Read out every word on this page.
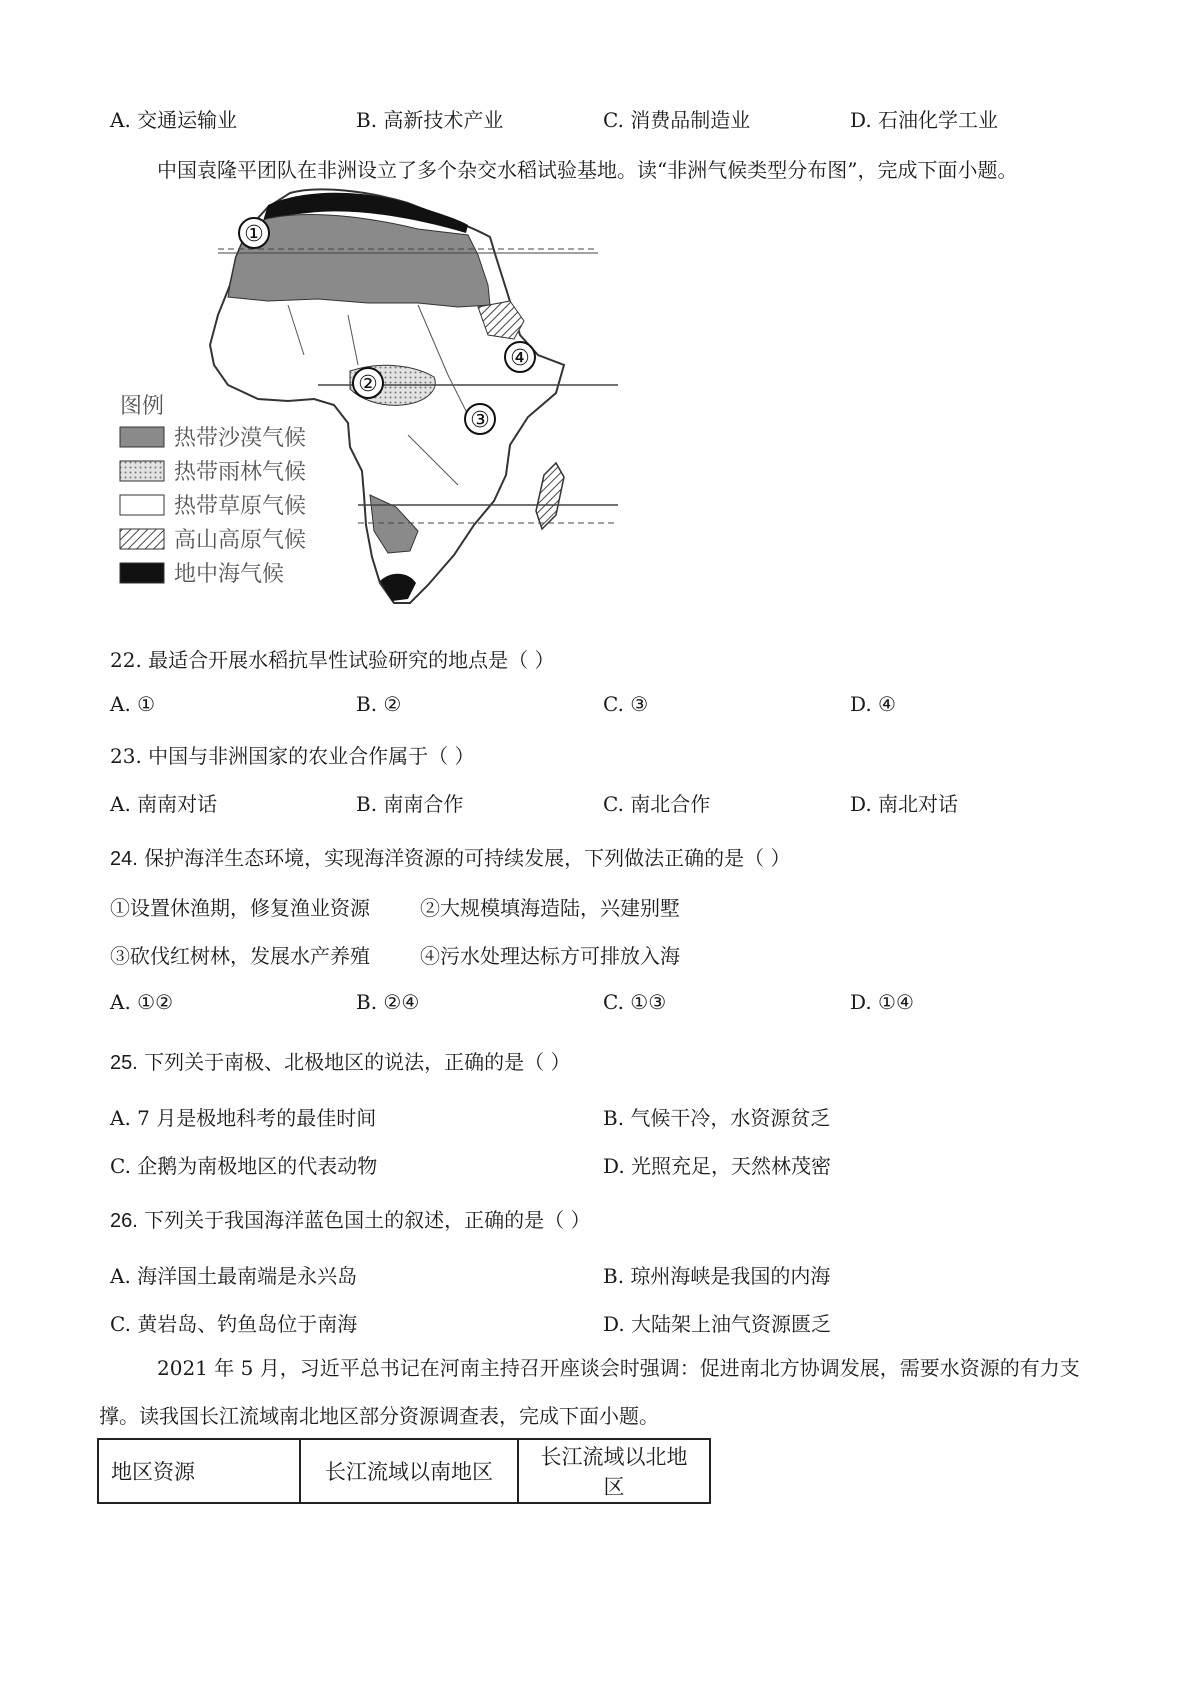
A. 交通运输业	B. 高新技术产业	C. 消费品制造业	D. 石油化学工业
中国袁隆平团队在非洲设立了多个杂交水稻试验基地。读“非洲气候类型分布图”，完成下面小题。
①
②
③
④
图例
热带沙漠气候
热带雨林气候
热带草原气候
高山高原气候
地中海气候
22. 最适合开展水稻抗旱性试验研究的地点是（ ）
A. ①	B. ②	C. ③	D. ④
23. 中国与非洲国家的农业合作属于（ ）
A. 南南对话	B. 南南合作	C. 南北合作	D. 南北对话
24. 保护海洋生态环境，实现海洋资源的可持续发展，下列做法正确的是（ ）
①设置休渔期，修复渔业资源	②大规模填海造陆，兴建别墅
③砍伐红树林，发展水产养殖	④污水处理达标方可排放入海
A. ①②	B. ②④	C. ①③	D. ①④
25. 下列关于南极、北极地区的说法，正确的是（ ）
A. 7 月是极地科考的最佳时间	B. 气候干冷，水资源贫乏
C. 企鹅为南极地区的代表动物	D. 光照充足，天然林茂密
26. 下列关于我国海洋蓝色国土的叙述，正确的是（ ）
A. 海洋国土最南端是永兴岛	B. 琼州海峡是我国的内海
C. 黄岩岛、钓鱼岛位于南海	D. 大陆架上油气资源匮乏
2021 年 5 月，习近平总书记在河南主持召开座谈会时强调：促进南北方协调发展，需要水资源的有力支撑。读我国长江流域南北地区部分资源调查表，完成下面小题。
地区资源	长江流域以南地区	长江流域以北地区
